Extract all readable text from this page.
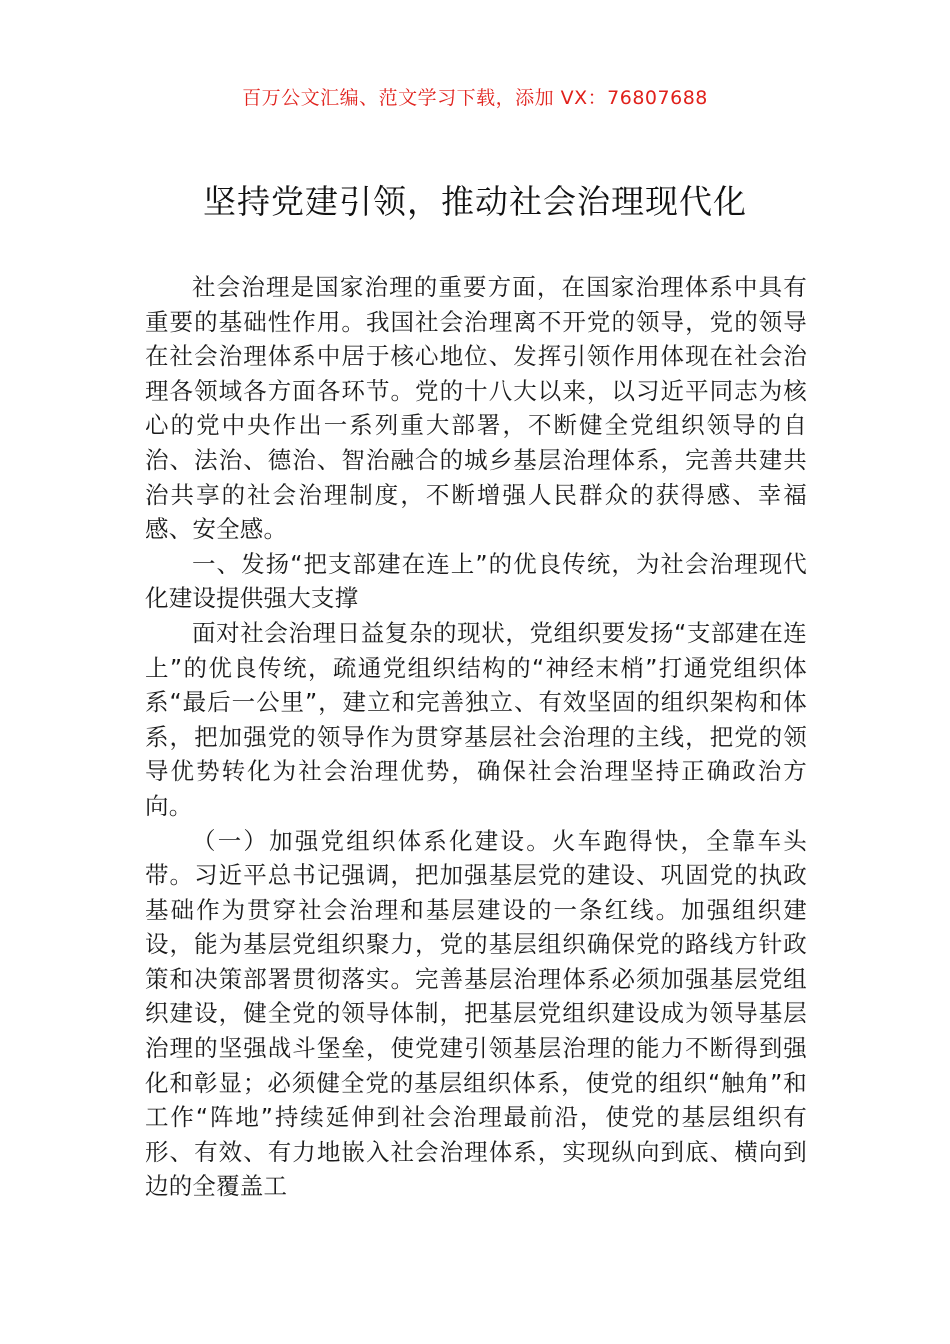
百万公文汇编、范文学习下载，添加 VX：76807688
坚持党建引领，推动社会治理现代化

社会治理是国家治理的重要方面，在国家治理体系中具有重要的基础性作用。我国社会治理离不开党的领导，党的领导在社会治理体系中居于核心地位、发挥引领作用体现在社会治理各领域各方面各环节。党的十八大以来，以习近平同志为核心的党中央作出一系列重大部署，不断健全党组织领导的自治、法治、德治、智治融合的城乡基层治理体系，完善共建共治共享的社会治理制度，不断增强人民群众的获得感、幸福感、安全感。

一、发扬“把支部建在连上”的优良传统，为社会治理现代化建设提供强大支撑

面对社会治理日益复杂的现状，党组织要发扬“支部建在连上”的优良传统，疏通党组织结构的“神经末梢”打通党组织体系“最后一公里”，建立和完善独立、有效坚固的组织架构和体系，把加强党的领导作为贯穿基层社会治理的主线，把党的领导优势转化为社会治理优势，确保社会治理坚持正确政治方向。

（一）加强党组织体系化建设。火车跑得快，全靠车头带。习近平总书记强调，把加强基层党的建设、巩固党的执政基础作为贯穿社会治理和基层建设的一条红线。加强组织建设，能为基层党组织聚力，党的基层组织确保党的路线方针政策和决策部署贯彻落实。完善基层治理体系必须加强基层党组织建设，健全党的领导体制，把基层党组织建设成为领导基层治理的坚强战斗堡垒，使党建引领基层治理的能力不断得到强化和彰显；必须健全党的基层组织体系，使党的组织“触角”和工作“阵地”持续延伸到社会治理最前沿，使党的基层组织有形、有效、有力地嵌入社会治理体系，实现纵向到底、横向到边的全覆盖工
